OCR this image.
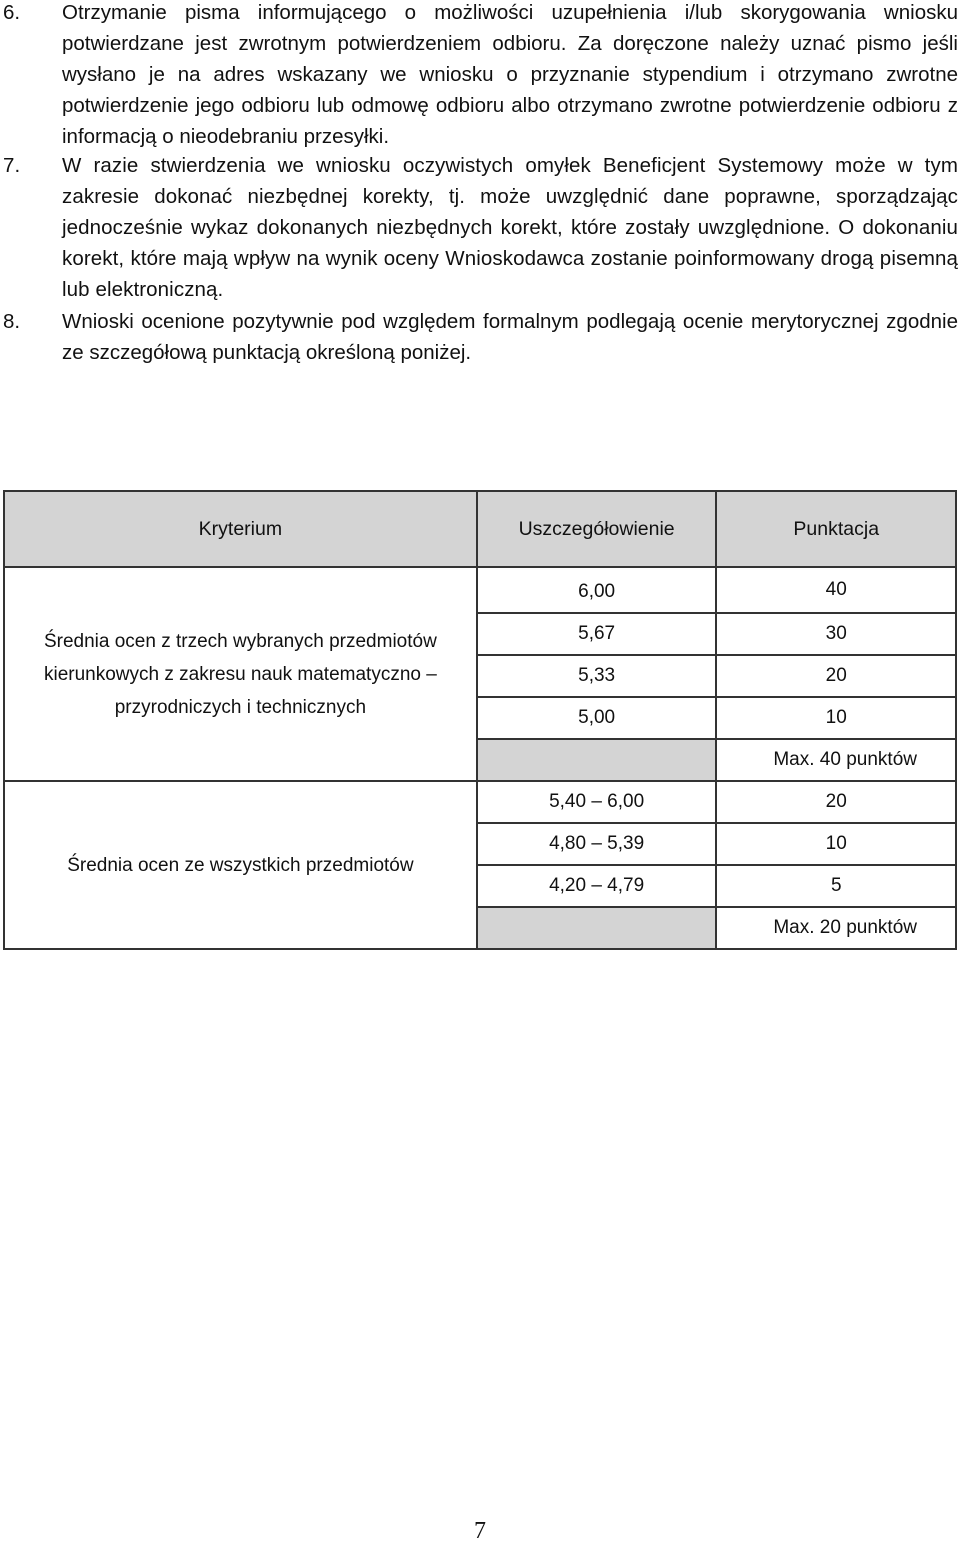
6.	Otrzymanie pisma informującego o możliwości uzupełnienia i/lub skorygowania wniosku potwierdzane jest zwrotnym potwierdzeniem odbioru. Za doręczone należy uznać pismo jeśli wysłano je na adres wskazany we wniosku o przyznanie stypendium i otrzymano zwrotne potwierdzenie jego odbioru lub odmowę odbioru albo otrzymano zwrotne potwierdzenie odbioru z informacją o nieodebraniu przesyłki.
7.	W razie stwierdzenia we wniosku oczywistych omyłek Beneficjent Systemowy może w tym zakresie dokonać niezbędnej korekty, tj. może uwzględnić dane poprawne, sporządzając jednocześnie wykaz dokonanych niezbędnych korekt, które zostały uwzględnione. O dokonaniu korekt, które mają wpływ na wynik oceny Wnioskodawca zostanie poinformowany drogą pisemną lub elektroniczną.
8.	Wnioski ocenione pozytywnie pod względem formalnym podlegają ocenie merytorycznej zgodnie ze szczegółową punktacją określoną poniżej.
Kryterium	Uszczegółowienie	Punktacja
Średnia ocen z trzech wybranych przedmiotów kierunkowych z zakresu nauk matematyczno – przyrodniczych i technicznych	6,00	40
	5,67	30
	5,33	20
	5,00	10
		Max. 40 punktów
Średnia ocen ze wszystkich przedmiotów	5,40 – 6,00	20
	4,80 – 5,39	10
	4,20 – 4,79	5
		Max. 20 punktów
7
